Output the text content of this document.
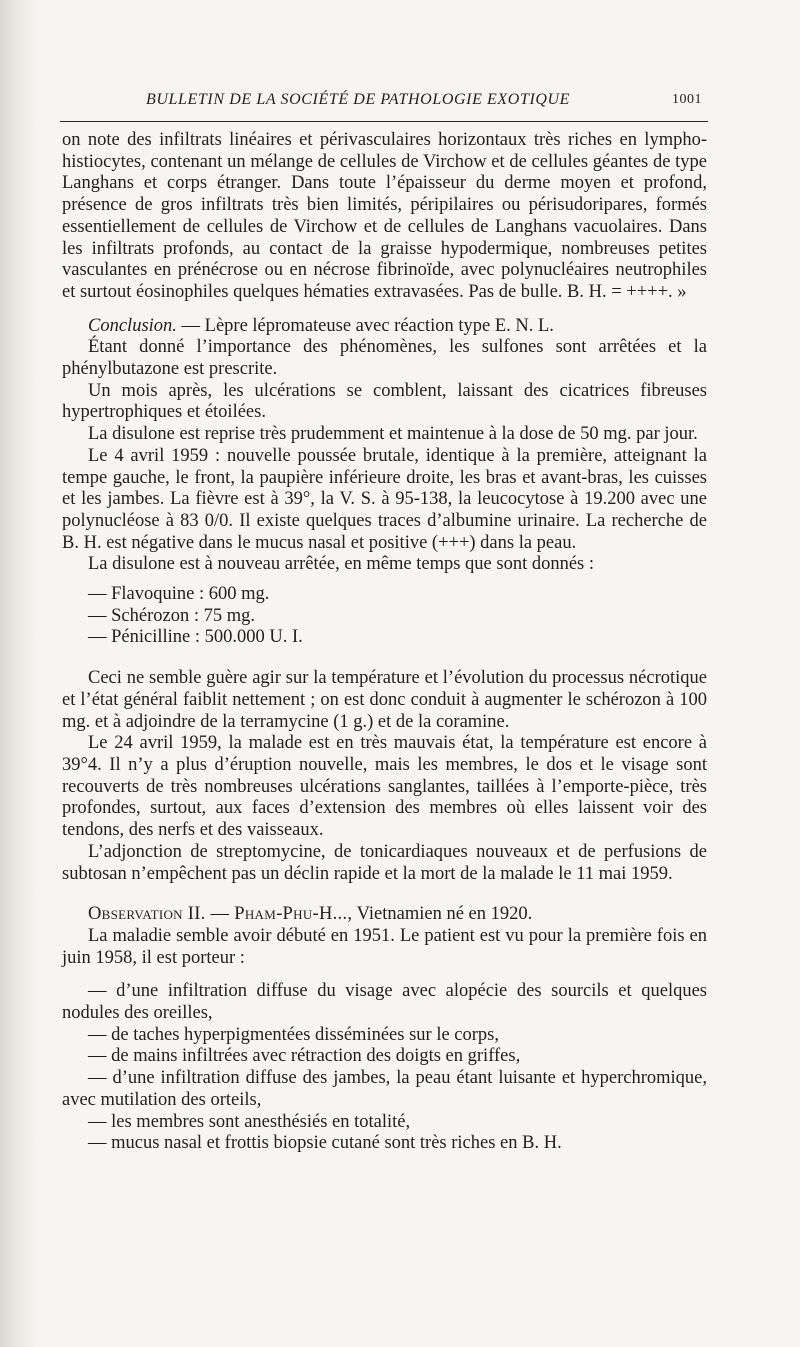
BULLETIN DE LA SOCIÉTÉ DE PATHOLOGIE EXOTIQUE	1001

on note des infiltrats linéaires et périvasculaires horizontaux très riches en lympho-histiocytes, contenant un mélange de cellules de Virchow et de cellules géantes de type Langhans et corps étranger. Dans toute l’épaisseur du derme moyen et profond, présence de gros infiltrats très bien limités, péripilaires ou périsudoripares, formés essentiellement de cellules de Virchow et de cellules de Langhans vacuolaires. Dans les infiltrats profonds, au contact de la graisse hypodermique, nombreuses petites vasculantes en prénécrose ou en nécrose fibrinoïde, avec polynucléaires neutrophiles et surtout éosinophiles quelques hématies extravasées. Pas de bulle. B. H. = ++++. »

Conclusion. — Lèpre lépromateuse avec réaction type E. N. L.

Étant donné l’importance des phénomènes, les sulfones sont arrêtées et la phénylbutazone est prescrite.

Un mois après, les ulcérations se comblent, laissant des cicatrices fibreuses hypertrophiques et étoilées.

La disulone est reprise très prudemment et maintenue à la dose de 50 mg. par jour.

Le 4 avril 1959 : nouvelle poussée brutale, identique à la première, atteignant la tempe gauche, le front, la paupière inférieure droite, les bras et avant-bras, les cuisses et les jambes. La fièvre est à 39°, la V. S. à 95-138, la leucocytose à 19.200 avec une polynucléose à 83 0/0. Il existe quelques traces d’albumine urinaire. La recherche de B. H. est négative dans le mucus nasal et positive (+++) dans la peau.

La disulone est à nouveau arrêtée, en même temps que sont donnés :

— Flavoquine : 600 mg.

— Schérozon : 75 mg.

— Pénicilline : 500.000 U. I.

Ceci ne semble guère agir sur la température et l’évolution du processus nécrotique et l’état général faiblit nettement ; on est donc conduit à augmenter le schérozon à 100 mg. et à adjoindre de la terramycine (1 g.) et de la coramine.

Le 24 avril 1959, la malade est en très mauvais état, la température est encore à 39°4. Il n’y a plus d’éruption nouvelle, mais les membres, le dos et le visage sont recouverts de très nombreuses ulcérations sanglantes, taillées à l’emporte-pièce, très profondes, surtout, aux faces d’extension des membres où elles laissent voir des tendons, des nerfs et des vaisseaux.

L’adjonction de streptomycine, de tonicardiaques nouveaux et de perfusions de subtosan n’empêchent pas un déclin rapide et la mort de la malade le 11 mai 1959.

Observation II. — Pham-Phu-H..., Vietnamien né en 1920.

La maladie semble avoir débuté en 1951. Le patient est vu pour la première fois en juin 1958, il est porteur :

— d’une infiltration diffuse du visage avec alopécie des sourcils et quelques nodules des oreilles,

— de taches hyperpigmentées disséminées sur le corps,

— de mains infiltrées avec rétraction des doigts en griffes,

— d’une infiltration diffuse des jambes, la peau étant luisante et hyperchromique, avec mutilation des orteils,

— les membres sont anesthésiés en totalité,

— mucus nasal et frottis biopsie cutané sont très riches en B. H.
